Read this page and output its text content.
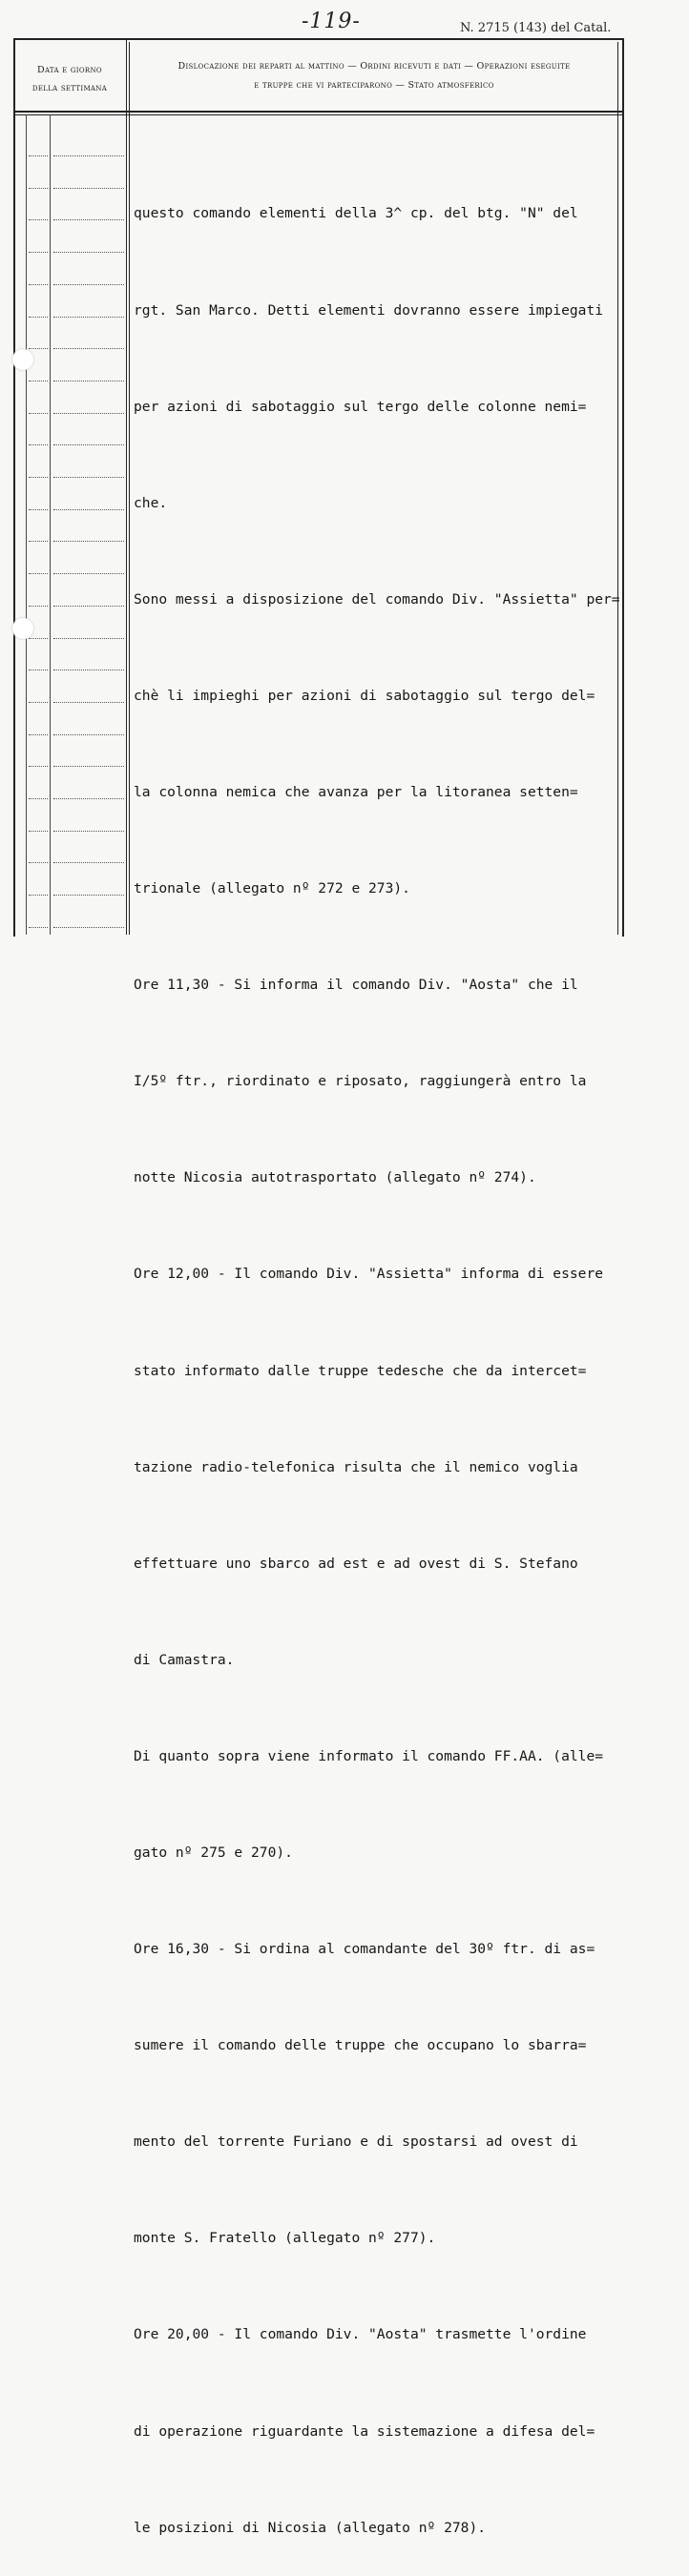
-119-	N. 2715 (143) del Catal.
Data e giorno
della settimana
Dislocazione dei reparti al mattino — Ordini ricevuti e dati — Operazioni eseguite
e truppe che vi parteciparono — Stato atmosferico

questo comando elementi della 3^ cp. del btg. "N" del

rgt. San Marco. Detti elementi dovranno essere impiegati

per azioni di sabotaggio sul tergo delle colonne nemi=

che.

Sono messi a disposizione del comando Div. "Assietta" per=

chè li impieghi per azioni di sabotaggio sul tergo del=

la colonna nemica che avanza per la litoranea setten=

trionale (allegato nº 272 e 273).

Ore 11,30 - Si informa il comando Div. "Aosta" che il

I/5º ftr., riordinato e riposato, raggiungerà entro la

notte Nicosia autotrasportato (allegato nº 274).

Ore 12,00 - Il comando Div. "Assietta" informa di essere

stato informato dalle truppe tedesche che da intercet=

tazione radio-telefonica risulta che il nemico voglia

effettuare uno sbarco ad est e ad ovest di S. Stefano

di Camastra.

Di quanto sopra viene informato il comando FF.AA. (alle=

gato nº 275 e 270).

Ore 16,30 - Si ordina al comandante del 30º ftr. di as=

sumere il comando delle truppe che occupano lo sbarra=

mento del torrente Furiano e di spostarsi ad ovest di

monte S. Fratello (allegato nº 277).

Ore 20,00 - Il comando Div. "Aosta" trasmette l'ordine

di operazione riguardante la sistemazione a difesa del=

le posizioni di Nicosia (allegato nº 278).
